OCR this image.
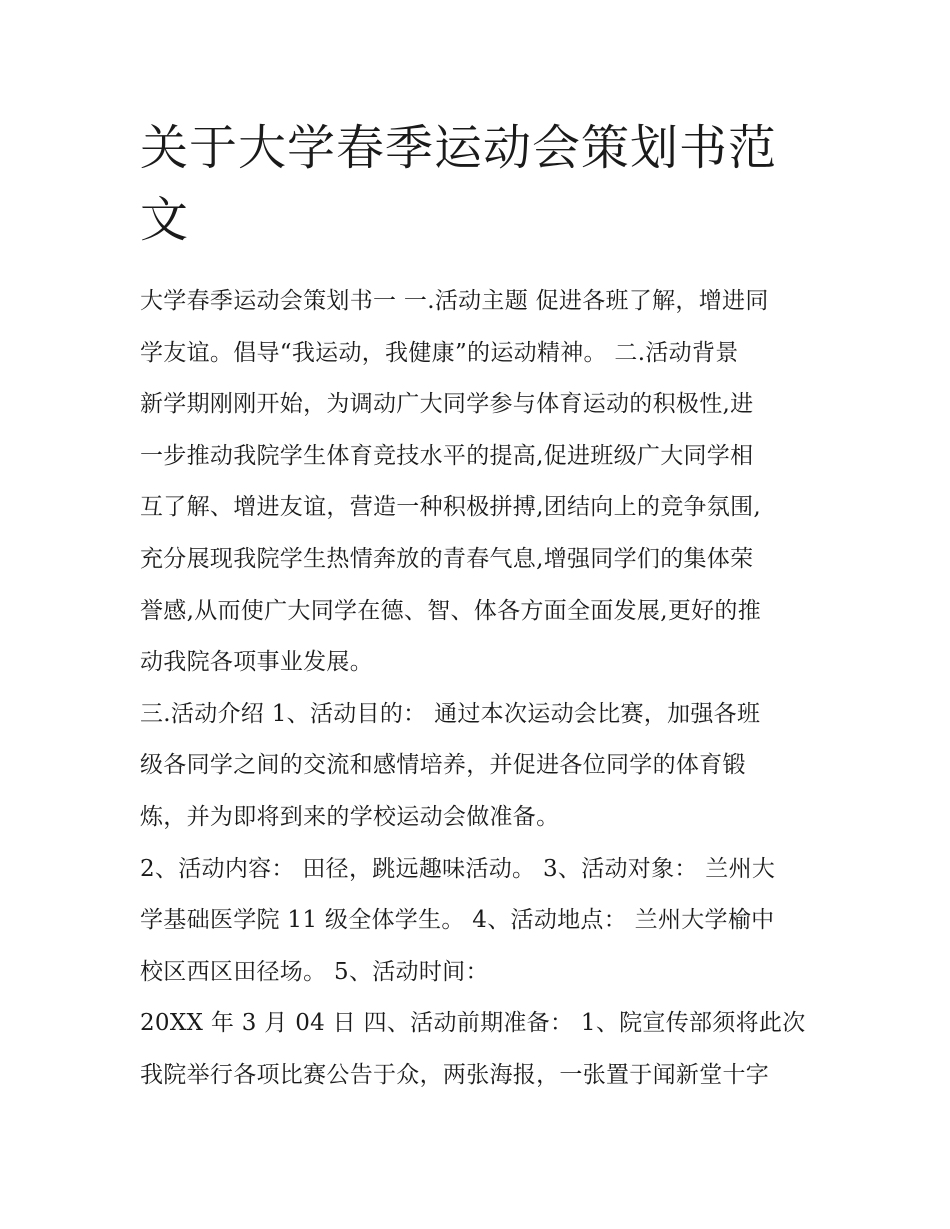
关于大学春季运动会策划书范
文
大学春季运动会策划书一 一.活动主题 促进各班了解，增进同
学友谊。倡导“我运动，我健康”的运动精神。 二.活动背景
新学期刚刚开始，为调动广大同学参与体育运动的积极性,进
一步推动我院学生体育竞技水平的提高,促进班级广大同学相
互了解、增进友谊，营造一种积极拼搏,团结向上的竞争氛围,
充分展现我院学生热情奔放的青春气息,增强同学们的集体荣
誉感,从而使广大同学在德、智、体各方面全面发展,更好的推
动我院各项事业发展。
三.活动介绍 1、活动目的： 通过本次运动会比赛，加强各班
级各同学之间的交流和感情培养，并促进各位同学的体育锻
炼，并为即将到来的学校运动会做准备。
2、活动内容： 田径，跳远趣味活动。 3、活动对象： 兰州大
学基础医学院 11 级全体学生。 4、活动地点： 兰州大学榆中
校区西区田径场。 5、活动时间：
20XX 年 3 月 04 日 四、活动前期准备： 1、院宣传部须将此次
我院举行各项比赛公告于众，两张海报，一张置于闻新堂十字
